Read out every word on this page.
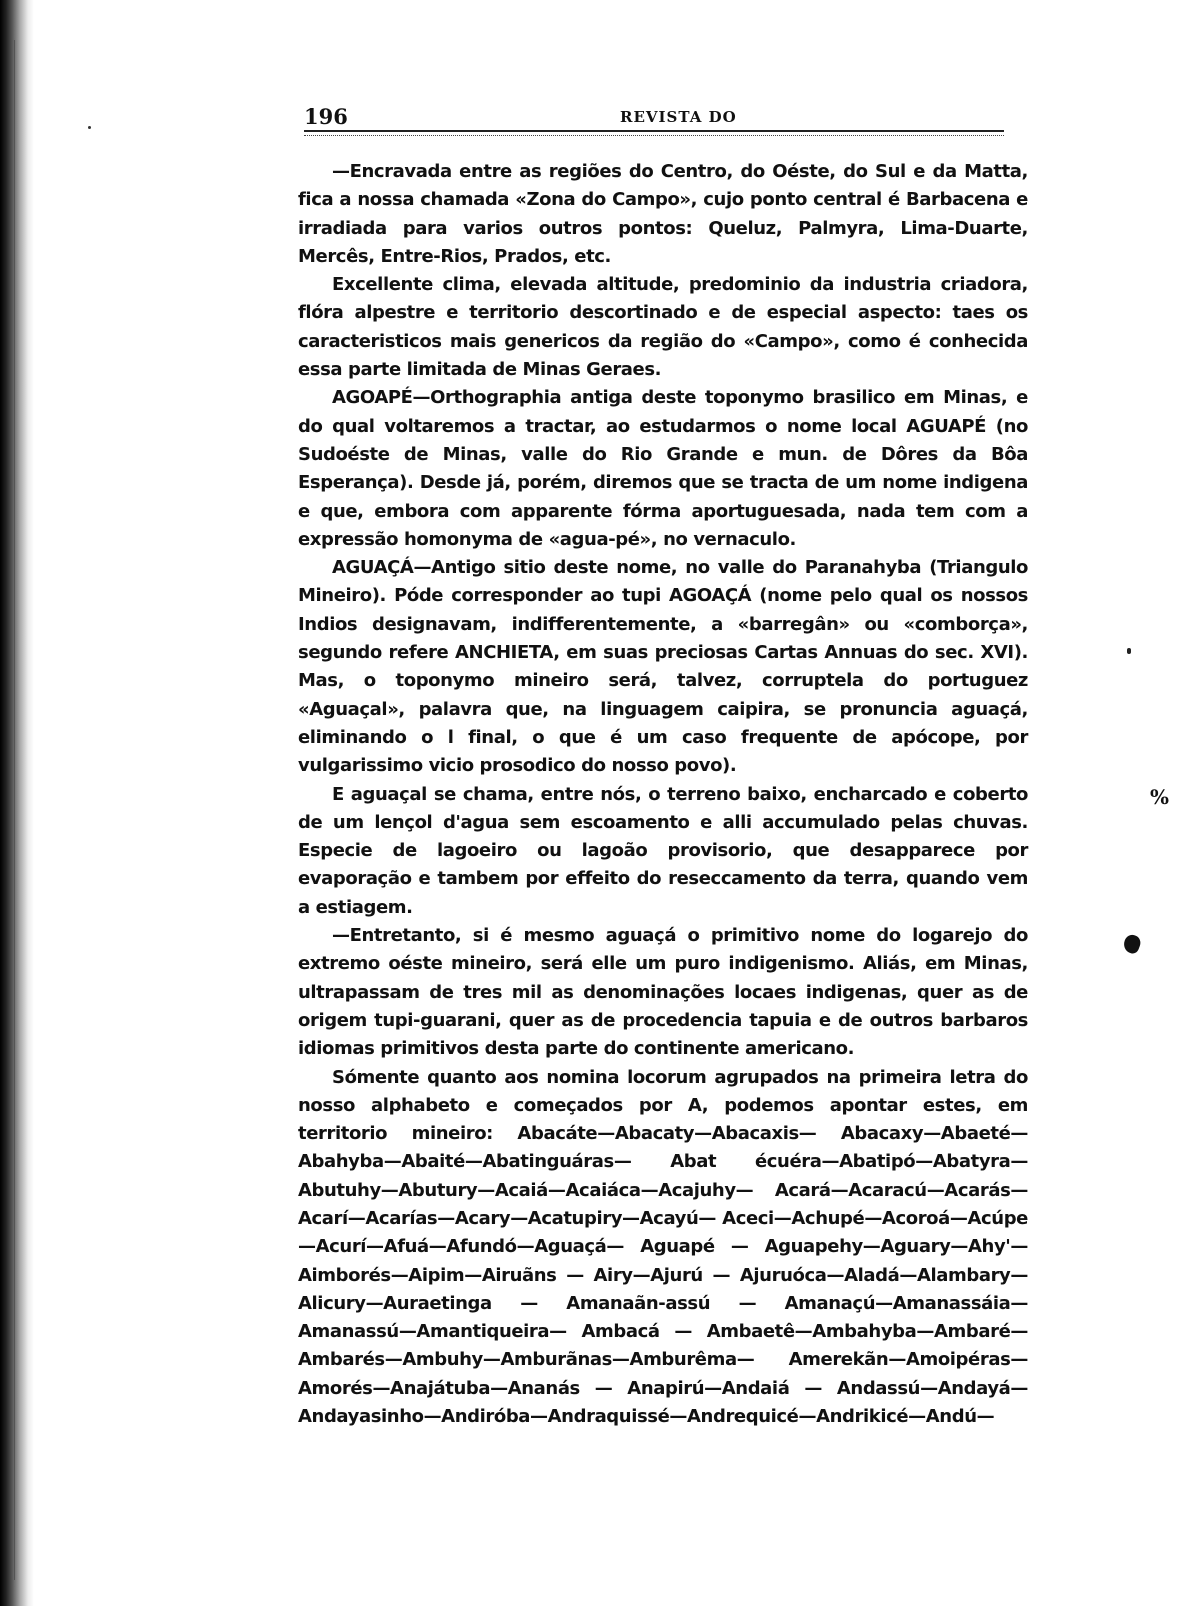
%
196	REVISTA DO

—Encravada entre as regiões do Centro, do Oéste, do Sul e da Matta, fica a nossa chamada «Zona do Campo», cujo ponto central é Barbacena e irradiada para varios outros pontos: Queluz, Palmyra, Lima-Duarte, Mercês, Entre-Rios, Prados, etc.

Excellente clima, elevada altitude, predominio da industria criadora, flóra alpestre e territorio descortinado e de especial aspecto: taes os caracteristicos mais genericos da região do «Campo», como é conhecida essa parte limitada de Minas Geraes.

AGOAPÉ—Orthographia antiga deste toponymo brasilico em Minas, e do qual voltaremos a tractar, ao estudarmos o nome local AGUAPÉ (no Sudoéste de Minas, valle do Rio Grande e mun. de Dôres da Bôa Esperança). Desde já, porém, diremos que se tracta de um nome indigena e que, embora com apparente fórma aportuguesada, nada tem com a expressão homonyma de «agua-pé», no vernaculo.

AGUAÇÁ—Antigo sitio deste nome, no valle do Paranahyba (Triangulo Mineiro). Póde corresponder ao tupi AGOAÇÁ (nome pelo qual os nossos Indios designavam, indifferentemente, a «barregân» ou «comborça», segundo refere ANCHIETA, em suas preciosas Cartas Annuas do sec. XVI). Mas, o toponymo mineiro será, talvez, corruptela do portuguez «Aguaçal», palavra que, na linguagem caipira, se pronuncia aguaçá, eliminando o l final, o que é um caso frequente de apócope, por vulgarissimo vicio prosodico do nosso povo).

E aguaçal se chama, entre nós, o terreno baixo, encharcado e coberto de um lençol d'agua sem escoamento e alli accumulado pelas chuvas. Especie de lagoeiro ou lagoão provisorio, que desapparece por evaporação e tambem por effeito do reseccamento da terra, quando vem a estiagem.

—Entretanto, si é mesmo aguaçá o primitivo nome do logarejo do extremo oéste mineiro, será elle um puro indigenismo. Aliás, em Minas, ultrapassam de tres mil as denominações locaes indigenas, quer as de origem tupi-guarani, quer as de procedencia tapuia e de outros barbaros idiomas primitivos desta parte do continente americano.

Sómente quanto aos nomina locorum agrupados na primeira letra do nosso alphabeto e começados por A, podemos apontar estes, em territorio mineiro: Abacáte—Abacaty—Abacaxis— Abacaxy—Abaeté—Abahyba—Abaité—Abatinguáras— Abat écuéra—Abatipó—Abatyra—Abutuhy—Abutury—Acaiá—Acaiáca—Acajuhy— Acará—Acaracú—Acarás—Acarí—Acarías—Acary—Acatupiry—Acayú— Aceci—Achupé—Acoroá—Acúpe—Acurí—Afuá—Afundó—Aguaçá— Aguapé — Aguapehy—Aguary—Ahy'—Aimborés—Aipim—Airuãns — Airy—Ajurú — Ajuruóca—Aladá—Alambary—Alicury—Auraetinga — Amanaãn-assú — Amanaçú—Amanassáia—Amanassú—Amantiqueira— Ambacá — Ambaetê—Ambahyba—Ambaré—Ambarés—Ambuhy—Amburãnas—Amburêma— Amerekãn—Amoipéras—Amorés—Anajátuba—Ananás — Anapirú—Andaiá — Andassú—Andayá—Andayasinho—Andiróba—Andraquissé—Andrequicé—Andrikicé—Andú—
